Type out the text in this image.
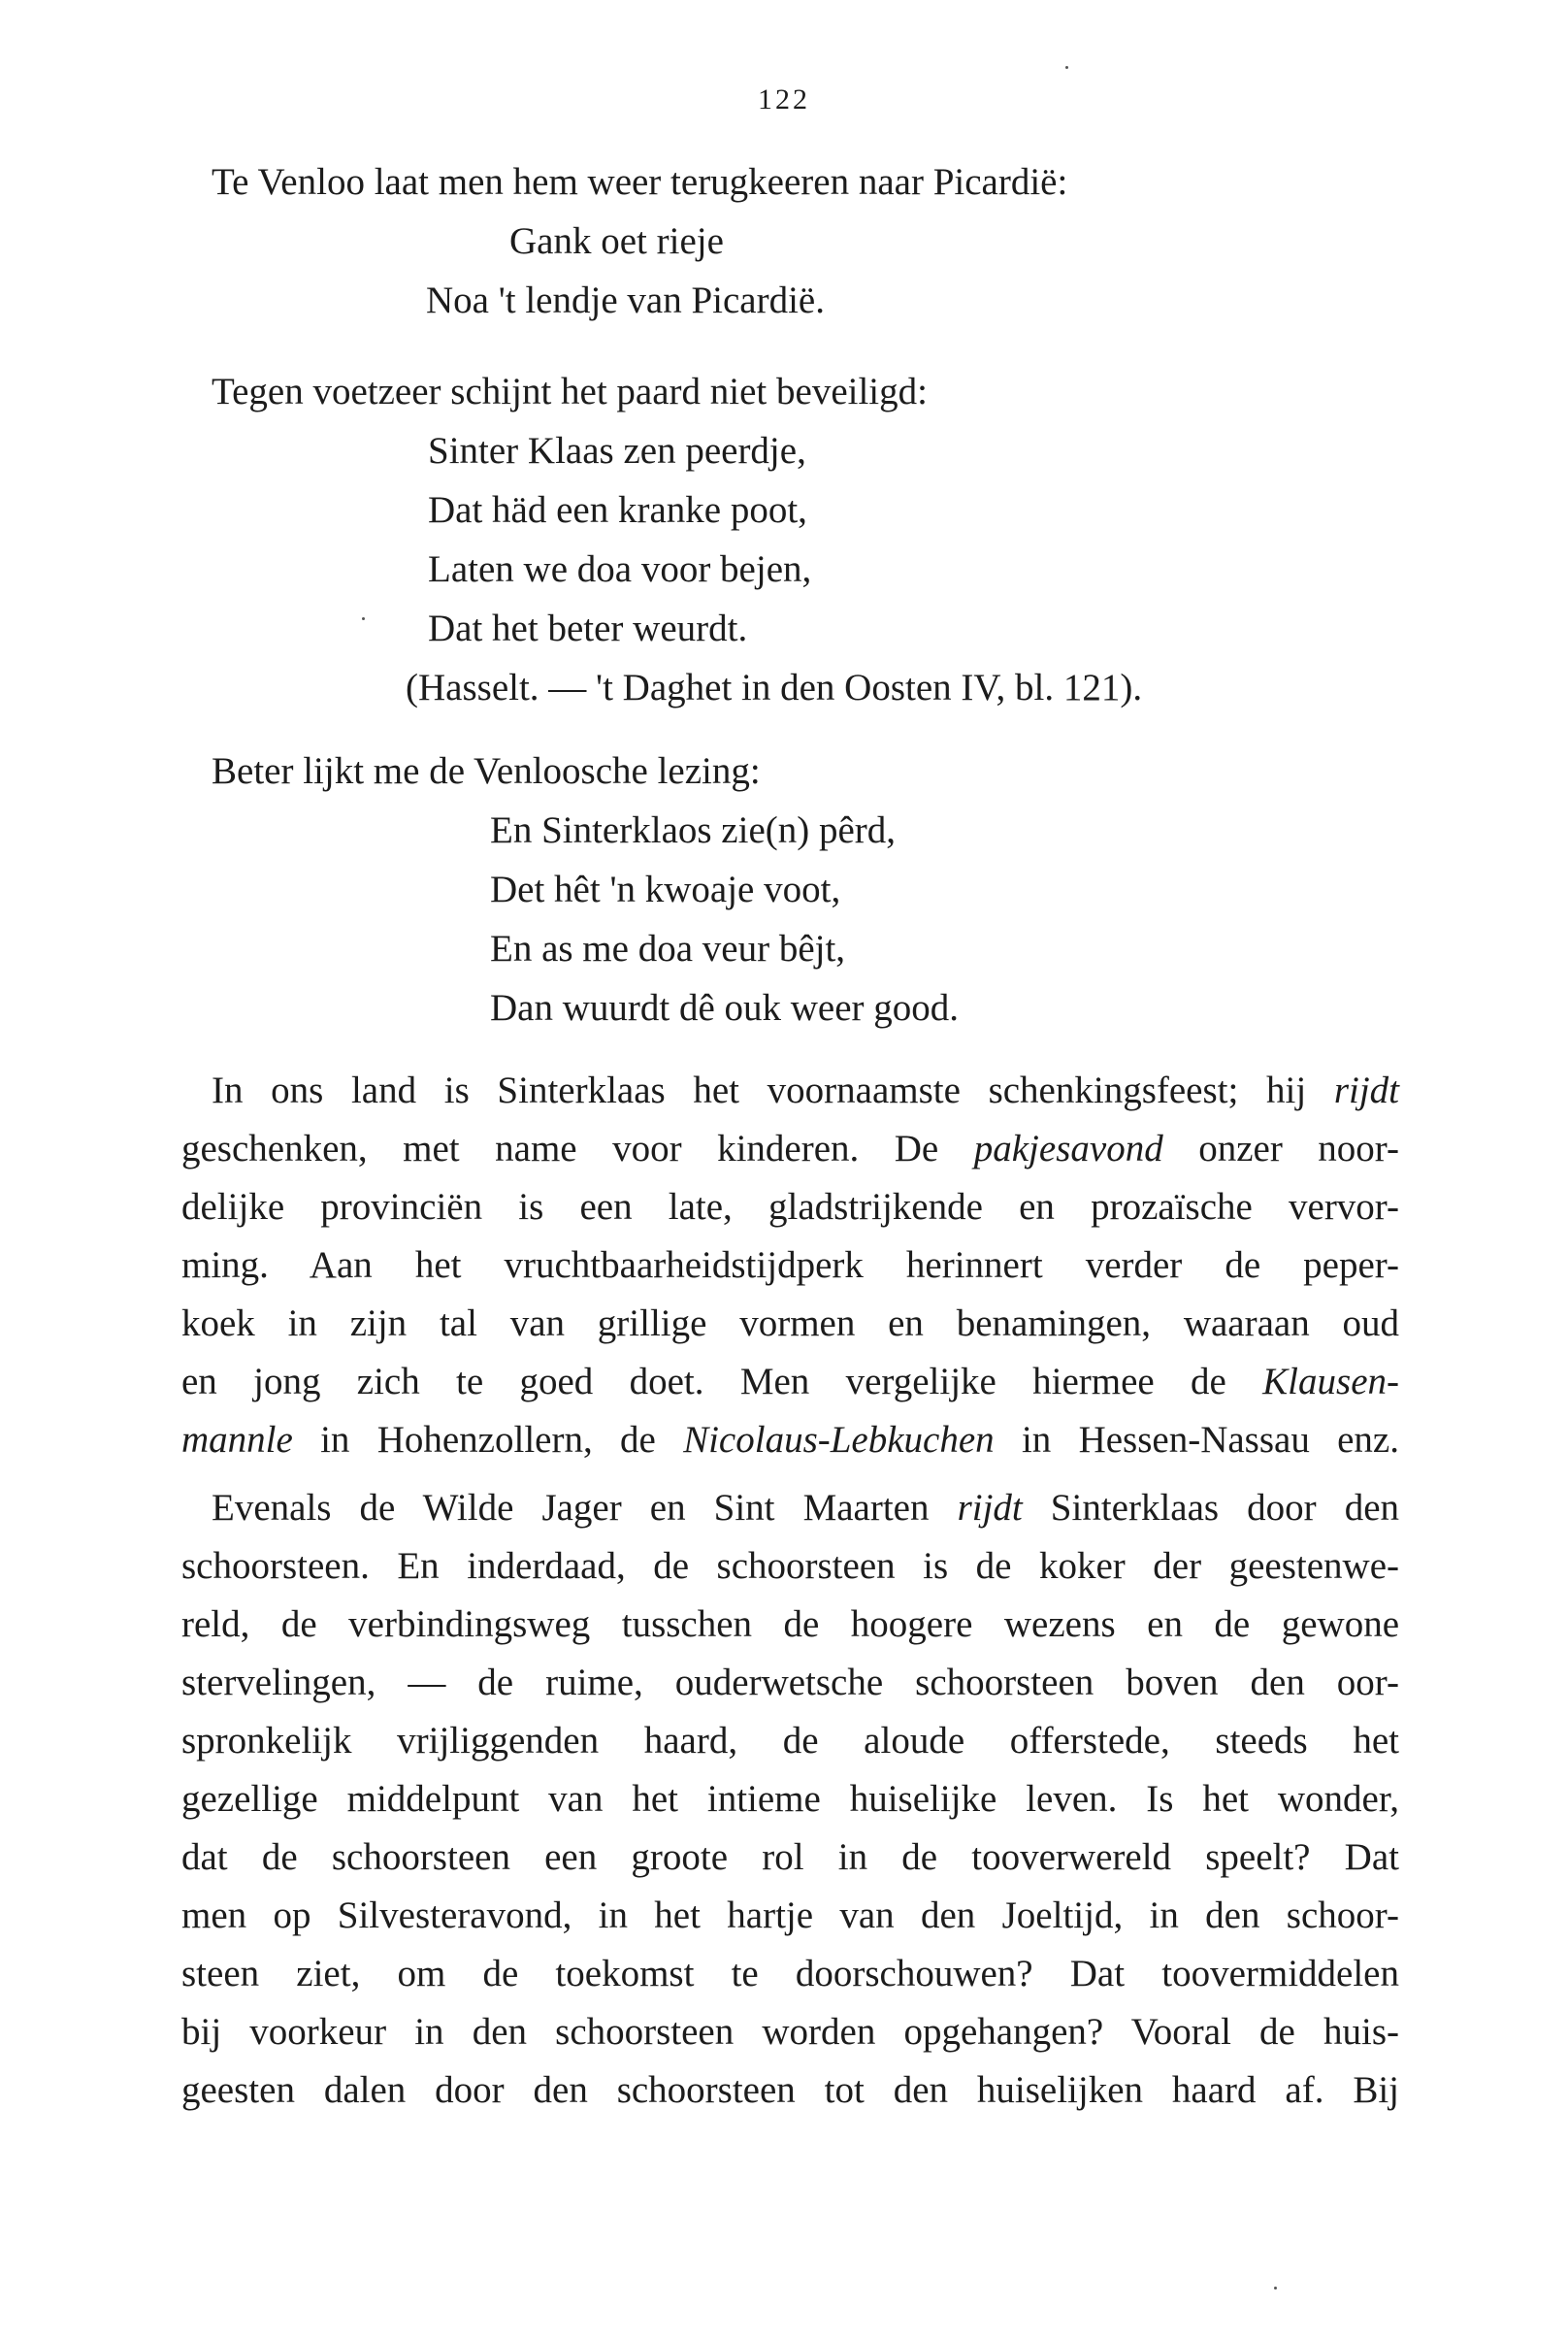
122
Te Venloo laat men hem weer terugkeeren naar Picardië:
Gank oet rieje
Noa 't lendje van Picardië.
Tegen voetzeer schijnt het paard niet beveiligd:
Sinter Klaas zen peerdje,
Dat häd een kranke poot,
Laten we doa voor bejen,
Dat het beter weurdt.
(Hasselt. — 't Daghet in den Oosten IV, bl. 121).
Beter lijkt me de Venloosche lezing:
En Sinterklaos zie(n) pêrd,
Det hêt 'n kwoaje voot,
En as me doa veur bêjt,
Dan wuurdt dê ouk weer good.
In ons land is Sinterklaas het voornaamste schenkingsfeest; hij rijdt
geschenken, met name voor kinderen. De pakjesavond onzer noor-
delijke provinciën is een late, gladstrijkende en prozaïsche vervor-
ming. Aan het vruchtbaarheidstijdperk herinnert verder de peper-
koek in zijn tal van grillige vormen en benamingen, waaraan oud
en jong zich te goed doet. Men vergelijke hiermee de Klausen-
mannle in Hohenzollern, de Nicolaus-Lebkuchen in Hessen-Nassau enz.
Evenals de Wilde Jager en Sint Maarten rijdt Sinterklaas door den
schoorsteen. En inderdaad, de schoorsteen is de koker der geestenwe-
reld, de verbindingsweg tusschen de hoogere wezens en de gewone
stervelingen, — de ruime, ouderwetsche schoorsteen boven den oor-
spronkelijk vrijliggenden haard, de aloude offerstede, steeds het
gezellige middelpunt van het intieme huiselijke leven. Is het wonder,
dat de schoorsteen een groote rol in de tooverwereld speelt? Dat
men op Silvesteravond, in het hartje van den Joeltijd, in den schoor-
steen ziet, om de toekomst te doorschouwen? Dat toovermiddelen
bij voorkeur in den schoorsteen worden opgehangen? Vooral de huis-
geesten dalen door den schoorsteen tot den huiselijken haard af. Bij
